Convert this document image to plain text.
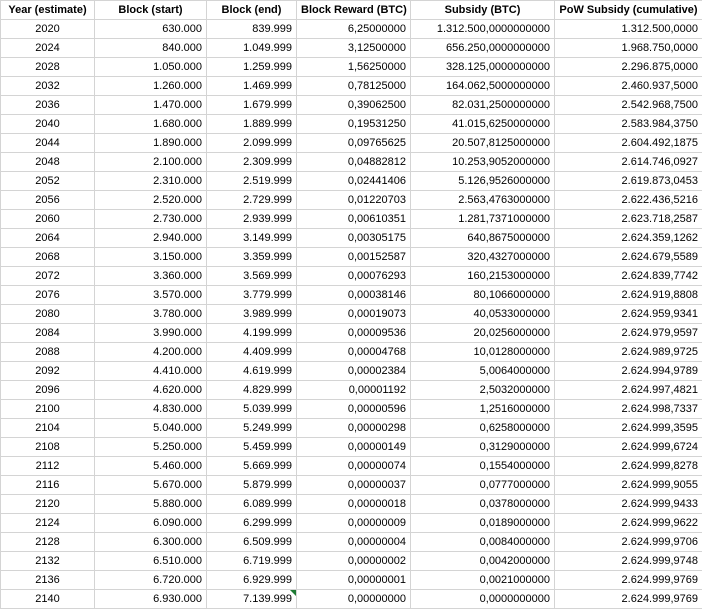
Year (estimate)	Block (start)	Block (end)	Block Reward (BTC)	Subsidy (BTC)	PoW Subsidy (cumulative)
2020	630.000	839.999	6,25000000	1.312.500,0000000000	1.312.500,0000
2024	840.000	1.049.999	3,12500000	656.250,0000000000	1.968.750,0000
2028	1.050.000	1.259.999	1,56250000	328.125,0000000000	2.296.875,0000
2032	1.260.000	1.469.999	0,78125000	164.062,5000000000	2.460.937,5000
2036	1.470.000	1.679.999	0,39062500	82.031,2500000000	2.542.968,7500
2040	1.680.000	1.889.999	0,19531250	41.015,6250000000	2.583.984,3750
2044	1.890.000	2.099.999	0,09765625	20.507,8125000000	2.604.492,1875
2048	2.100.000	2.309.999	0,04882812	10.253,9052000000	2.614.746,0927
2052	2.310.000	2.519.999	0,02441406	5.126,9526000000	2.619.873,0453
2056	2.520.000	2.729.999	0,01220703	2.563,4763000000	2.622.436,5216
2060	2.730.000	2.939.999	0,00610351	1.281,7371000000	2.623.718,2587
2064	2.940.000	3.149.999	0,00305175	640,8675000000	2.624.359,1262
2068	3.150.000	3.359.999	0,00152587	320,4327000000	2.624.679,5589
2072	3.360.000	3.569.999	0,00076293	160,2153000000	2.624.839,7742
2076	3.570.000	3.779.999	0,00038146	80,1066000000	2.624.919,8808
2080	3.780.000	3.989.999	0,00019073	40,0533000000	2.624.959,9341
2084	3.990.000	4.199.999	0,00009536	20,0256000000	2.624.979,9597
2088	4.200.000	4.409.999	0,00004768	10,0128000000	2.624.989,9725
2092	4.410.000	4.619.999	0,00002384	5,0064000000	2.624.994,9789
2096	4.620.000	4.829.999	0,00001192	2,5032000000	2.624.997,4821
2100	4.830.000	5.039.999	0,00000596	1,2516000000	2.624.998,7337
2104	5.040.000	5.249.999	0,00000298	0,6258000000	2.624.999,3595
2108	5.250.000	5.459.999	0,00000149	0,3129000000	2.624.999,6724
2112	5.460.000	5.669.999	0,00000074	0,1554000000	2.624.999,8278
2116	5.670.000	5.879.999	0,00000037	0,0777000000	2.624.999,9055
2120	5.880.000	6.089.999	0,00000018	0,0378000000	2.624.999,9433
2124	6.090.000	6.299.999	0,00000009	0,0189000000	2.624.999,9622
2128	6.300.000	6.509.999	0,00000004	0,0084000000	2.624.999,9706
2132	6.510.000	6.719.999	0,00000002	0,0042000000	2.624.999,9748
2136	6.720.000	6.929.999	0,00000001	0,0021000000	2.624.999,9769
2140	6.930.000	7.139.999	0,00000000	0,0000000000	2.624.999,9769
